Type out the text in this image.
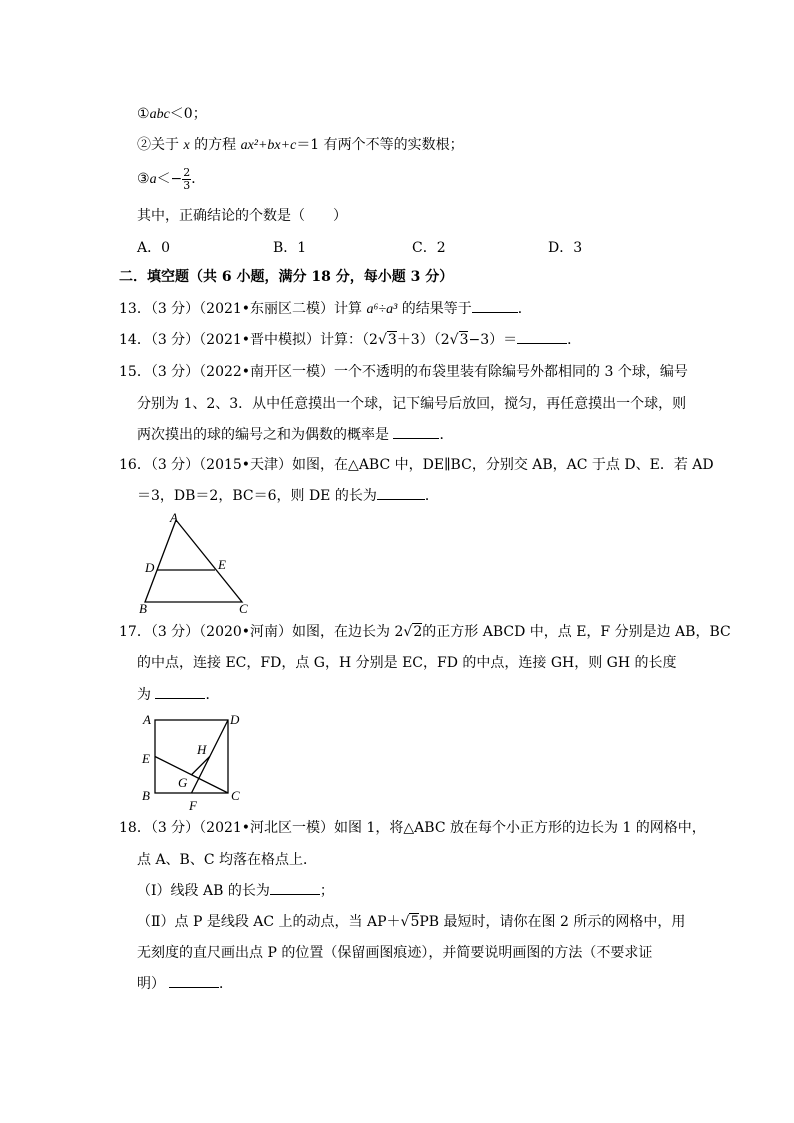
①abc＜0；
②关于 x 的方程 ax²+bx+c＝1 有两个不等的实数根；
③a＜− $\frac{2}{3}$ ．
其中，正确结论的个数是（　　）
A．0	B．1	C．2	D．3
二．填空题（共 6 小题，满分 18 分，每小题 3 分）
13．（3 分）（2021•东丽区二模）计算 a⁶÷a³ 的结果等于	．
14．（3 分）（2021•晋中模拟）计算：（2√3＋3）（2√3−3）＝	．
15．（3 分）（2022•南开区一模）一个不透明的布袋里装有除编号外都相同的 3 个球，编号
分别为 1、2、3．从中任意摸出一个球，记下编号后放回，搅匀，再任意摸出一个球，则
两次摸出的球的编号之和为偶数的概率是	．
16．（3 分）（2015•天津）如图，在△ABC 中，DE∥BC，分别交 AB，AC 于点 D、E．若 AD
＝3，DB＝2，BC＝6，则 DE 的长为	．
A
D	E
B	C
17．（3 分）（2020•河南）如图，在边长为 2√2的正方形 ABCD 中，点 E，F 分别是边 AB，BC
的中点，连接 EC，FD，点 G，H 分别是 EC，FD 的中点，连接 GH，则 GH 的长度
为	．
A	D
E
H
G
B	C
F
18．（3 分）（2021•河北区一模）如图 1，将△ABC 放在每个小正方形的边长为 1 的网格中，
点 A、B、C 均落在格点上．
（Ⅰ）线段 AB 的长为	；
（Ⅱ）点 P 是线段 AC 上的动点，当 AP＋√5PB 最短时，请你在图 2 所示的网格中，用
无刻度的直尺画出点 P 的位置（保留画图痕迹），并简要说明画图的方法（不要求证
明）	．
